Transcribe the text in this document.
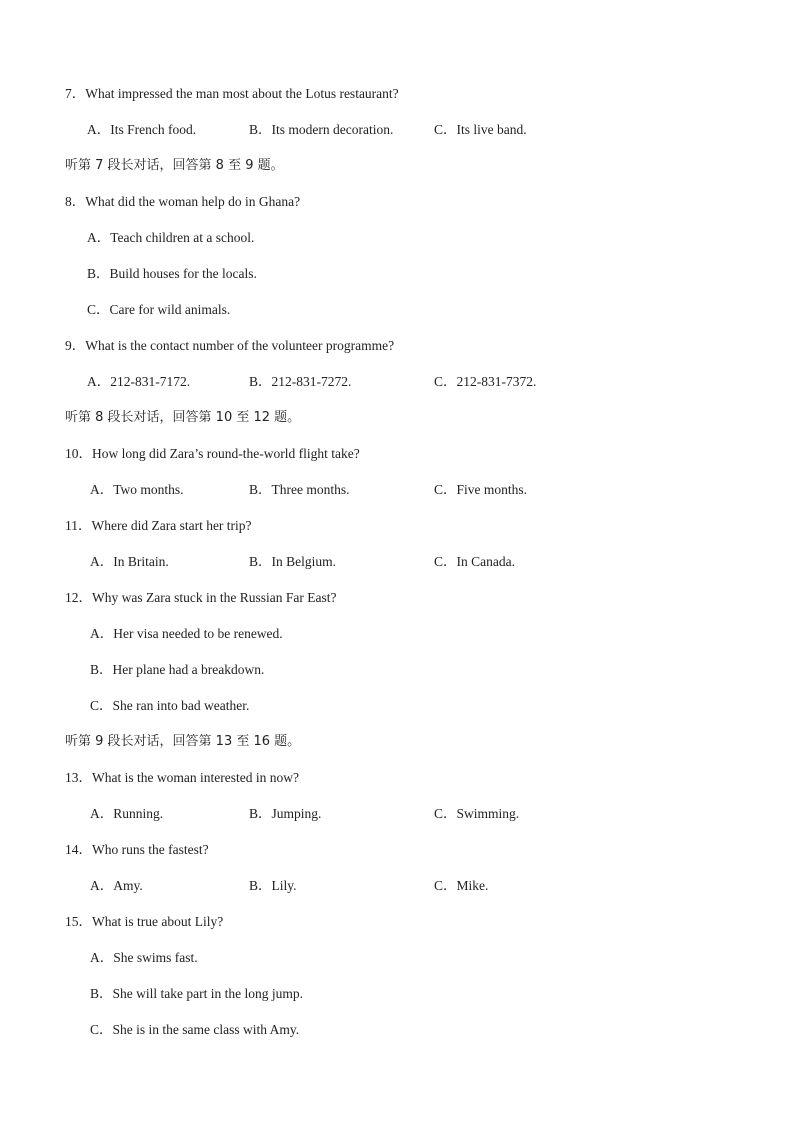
7．What impressed the man most about the Lotus restaurant?
A．Its French food.	B．Its modern decoration.	C．Its live band.
听第 7 段长对话，回答第 8 至 9 题。
8．What did the woman help do in Ghana?
A．Teach children at a school.
B．Build houses for the locals.
C．Care for wild animals.
9．What is the contact number of the volunteer programme?
A．212-831-7172.	B．212-831-7272.	C．212-831-7372.
听第 8 段长对话，回答第 10 至 12 题。
10．How long did Zara’s round-the-world flight take?
A．Two months.	B．Three months.	C．Five months.
11．Where did Zara start her trip?
A．In Britain.	B．In Belgium.	C．In Canada.
12．Why was Zara stuck in the Russian Far East?
A．Her visa needed to be renewed.
B．Her plane had a breakdown.
C．She ran into bad weather.
听第 9 段长对话，回答第 13 至 16 题。
13．What is the woman interested in now?
A．Running.	B．Jumping.	C．Swimming.
14．Who runs the fastest?
A．Amy.	B．Lily.	C．Mike.
15．What is true about Lily?
A．She swims fast.
B．She will take part in the long jump.
C．She is in the same class with Amy.
